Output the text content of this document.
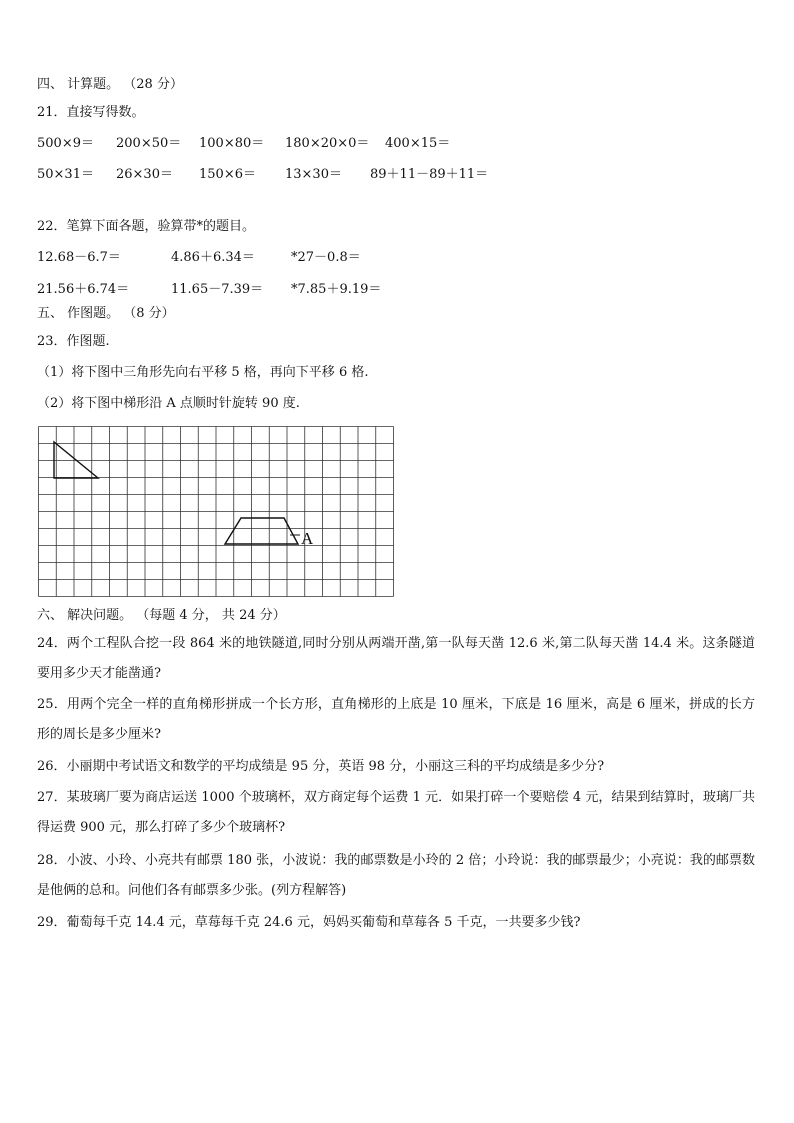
四、 计算题。 （28 分）
21．直接写得数。
500×9＝ 200×50＝ 100×80＝ 180×20×0＝ 400×15＝
50×31＝ 26×30＝ 150×6＝ 13×30＝ 89＋11－89＋11＝
22．笔算下面各题，验算带*的题目。
12.68－6.7＝	4.86＋6.34＝	*27－0.8＝
21.56＋6.74＝	11.65－7.39＝ *7.85＋9.19＝
五、 作图题。 （8 分）
23．作图题.
（1）将下图中三角形先向右平移 5 格，再向下平移 6 格.
（2）将下图中梯形沿 A 点顺时针旋转 90 度.
A
六、 解决问题。 （每题 4 分， 共 24 分）
24．两个工程队合挖一段 864 米的地铁隧道,同时分别从两端开凿,第一队每天凿 12.6 米,第二队每天凿 14.4 米。这条隧道要用多少天才能凿通?
25．用两个完全一样的直角梯形拼成一个长方形，直角梯形的上底是 10 厘米，下底是 16 厘米，高是 6 厘米，拼成的长方形的周长是多少厘米?
26．小丽期中考试语文和数学的平均成绩是 95 分，英语 98 分，小丽这三科的平均成绩是多少分?
27．某玻璃厂要为商店运送 1000 个玻璃杯，双方商定每个运费 1 元．如果打碎一个要赔偿 4 元，结果到结算时，玻璃厂共得运费 900 元，那么打碎了多少个玻璃杯?
28．小波、小玲、小亮共有邮票 180 张，小波说：我的邮票数是小玲的 2 倍；小玲说：我的邮票最少；小亮说：我的邮票数是他俩的总和。问他们各有邮票多少张。(列方程解答)
29．葡萄每千克 14.4 元，草莓每千克 24.6 元，妈妈买葡萄和草莓各 5 千克，一共要多少钱?
